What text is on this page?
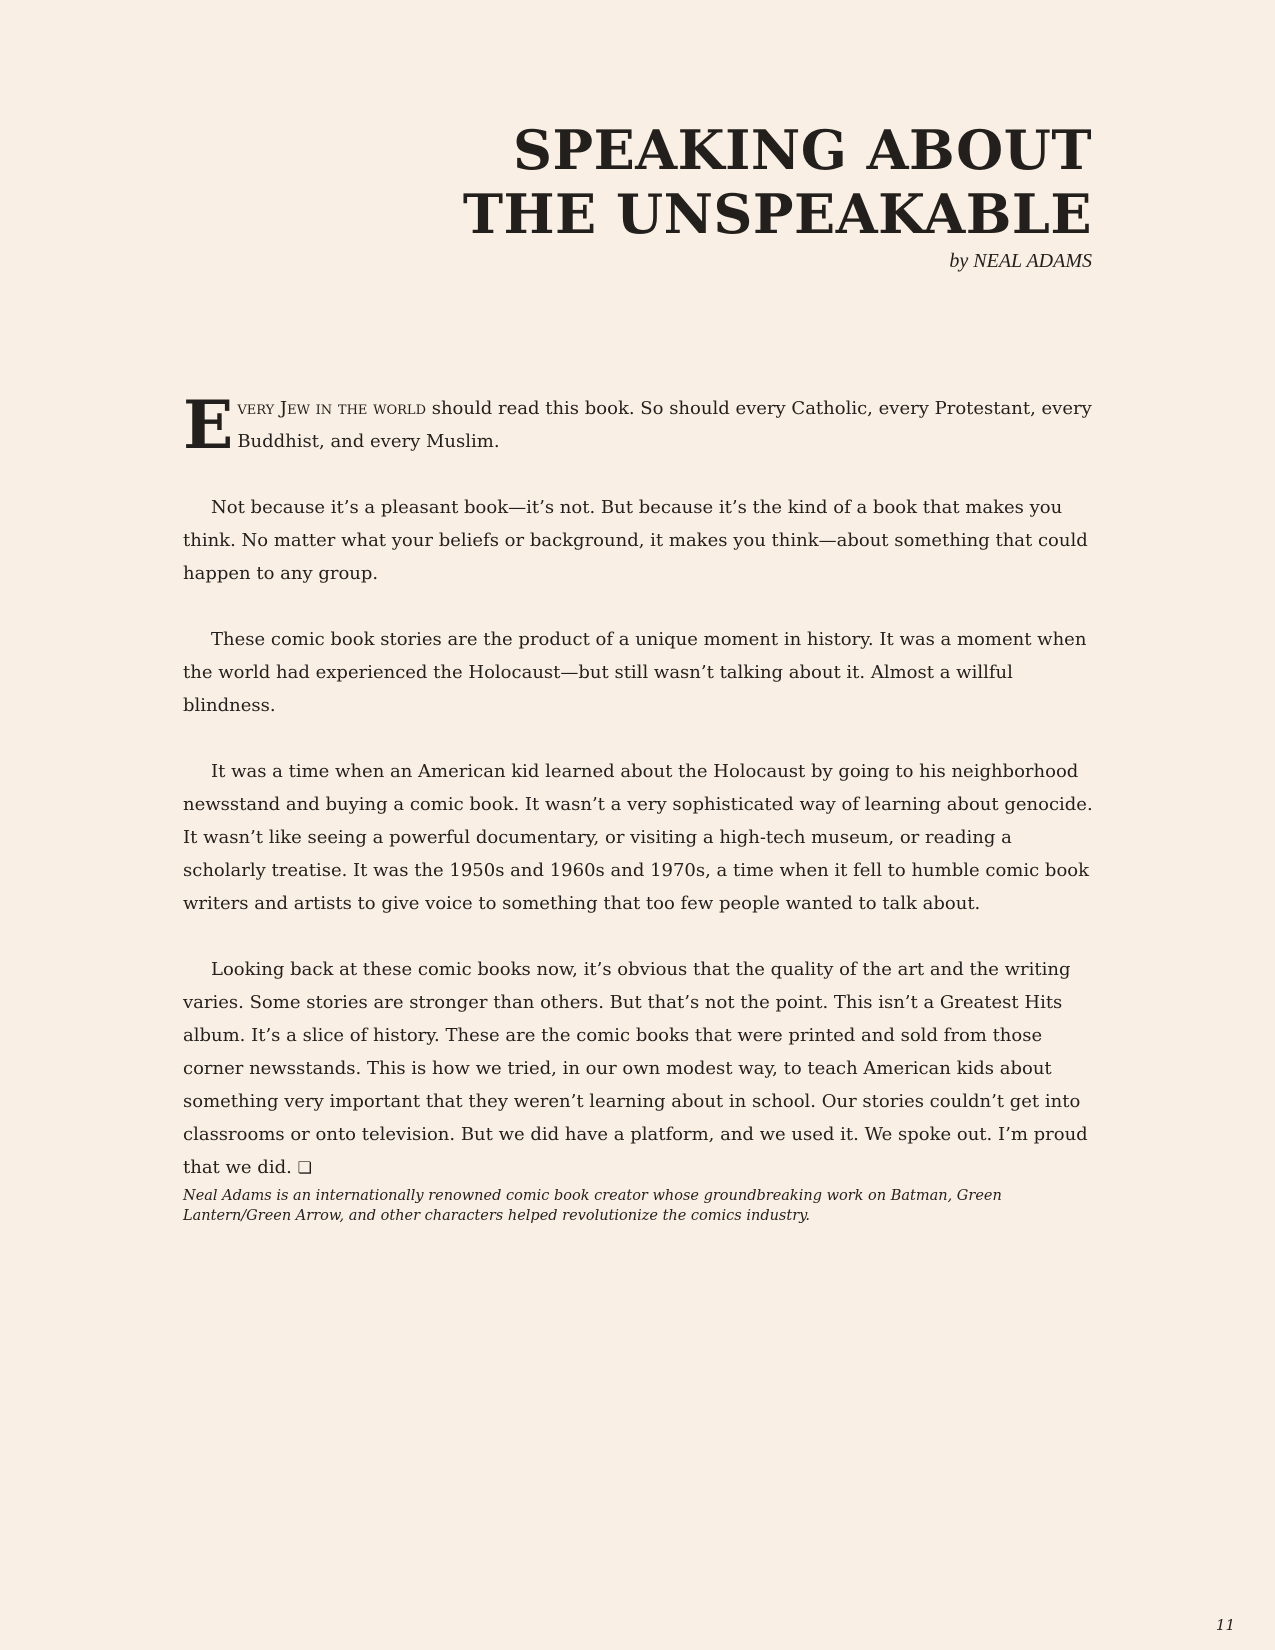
SPEAKING ABOUT
THE UNSPEAKABLE
by NEAL ADAMS

Every Jew in the world should read this book. So should every Catholic, every Protestant, every Buddhist, and every Muslim.

Not because it’s a pleasant book—it’s not. But because it’s the kind of a book that makes you think. No matter what your beliefs or background, it makes you think—about something that could happen to any group.

These comic book stories are the product of a unique moment in history. It was a moment when the world had experienced the Holocaust—but still wasn’t talking about it. Almost a willful blindness.

It was a time when an American kid learned about the Holocaust by going to his neighborhood newsstand and buying a comic book. It wasn’t a very sophisticated way of learning about genocide. It wasn’t like seeing a powerful documentary, or visiting a high-tech museum, or reading a scholarly treatise. It was the 1950s and 1960s and 1970s, a time when it fell to humble comic book writers and artists to give voice to something that too few people wanted to talk about.

Looking back at these comic books now, it’s obvious that the quality of the art and the writing varies. Some stories are stronger than others. But that’s not the point. This isn’t a Greatest Hits album. It’s a slice of history. These are the comic books that were printed and sold from those corner newsstands. This is how we tried, in our own modest way, to teach American kids about something very important that they weren’t learning about in school. Our stories couldn’t get into classrooms or onto television. But we did have a platform, and we used it. We spoke out. I’m proud that we did. ❏

Neal Adams is an internationally renowned comic book creator whose groundbreaking work on Batman, Green Lantern/Green Arrow, and other characters helped revolutionize the comics industry.
11
